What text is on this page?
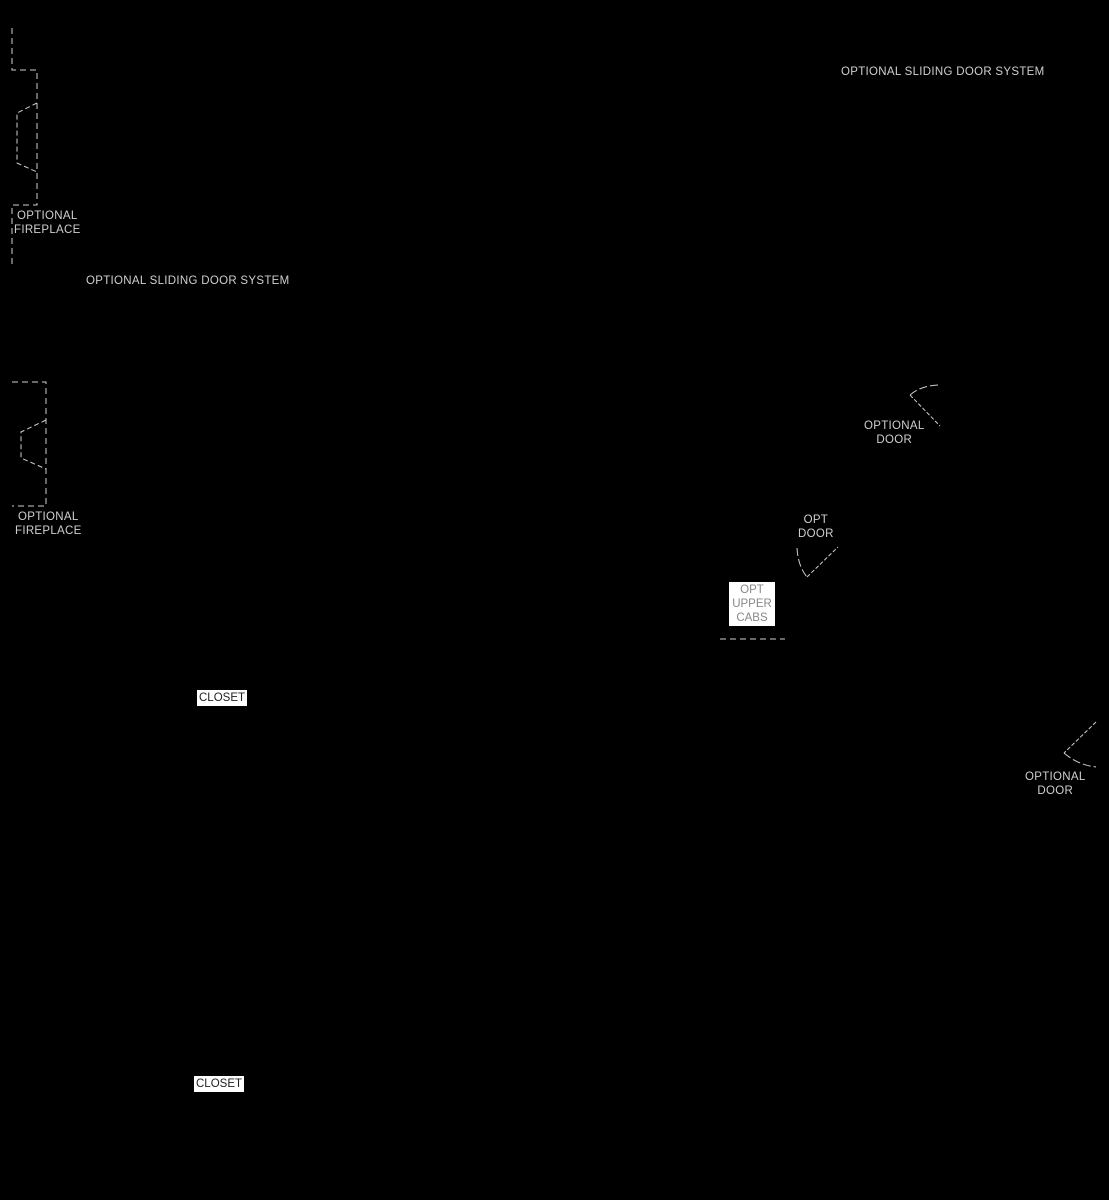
OPTIONAL SLIDING DOOR SYSTEM
OPTIONAL
FIREPLACE
OPTIONAL SLIDING DOOR SYSTEM
OPTIONAL
FIREPLACE
OPTIONAL
DOOR
OPT
DOOR
OPT
UPPER
CABS
OPTIONAL
DOOR
CLOSET
CLOSET
